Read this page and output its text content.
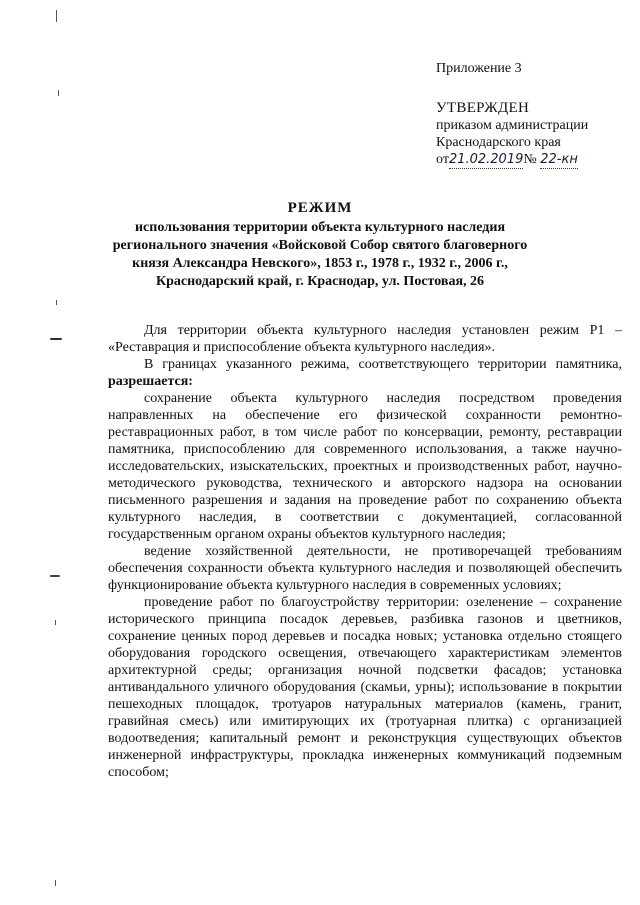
Приложение 3
УТВЕРЖДЕН
приказом администрации
Краснодарского края
от21.02.2019№ 22-кн
РЕЖИМ
использования территории объекта культурного наследия регионального значения «Войсковой Собор святого благоверного князя Александра Невского», 1853 г., 1978 г., 1932 г., 2006 г., Краснодарский край, г. Краснодар, ул. Постовая, 26

Для территории объекта культурного наследия установлен режим Р1 – «Реставрация и приспособление объекта культурного наследия».

В границах указанного режима, соответствующего территории памятника, разрешается:

сохранение объекта культурного наследия посредством проведения направленных на обеспечение его физической сохранности ремонтно-реставрационных работ, в том числе работ по консервации, ремонту, реставрации памятника, приспособлению для современного использования, а также научно-исследовательских, изыскательских, проектных и производственных работ, научно-методического руководства, технического и авторского надзора на основании письменного разрешения и задания на проведение работ по сохранению объекта культурного наследия, в соответствии с документацией, согласованной государственным органом охраны объектов культурного наследия;

ведение хозяйственной деятельности, не противоречащей требованиям обеспечения сохранности объекта культурного наследия и позволяющей обеспечить функционирование объекта культурного наследия в современных условиях;

проведение работ по благоустройству территории: озеленение – сохранение исторического принципа посадок деревьев, разбивка газонов и цветников, сохранение ценных пород деревьев и посадка новых; установка отдельно стоящего оборудования городского освещения, отвечающего характеристикам элементов архитектурной среды; организация ночной подсветки фасадов; установка антивандального уличного оборудования (скамьи, урны); использование в покрытии пешеходных площадок, тротуаров натуральных материалов (камень, гранит, гравийная смесь) или имитирующих их (тротуарная плитка) с организацией водоотведения; капитальный ремонт и реконструкция существующих объектов инженерной инфраструктуры, прокладка инженерных коммуникаций подземным способом;
